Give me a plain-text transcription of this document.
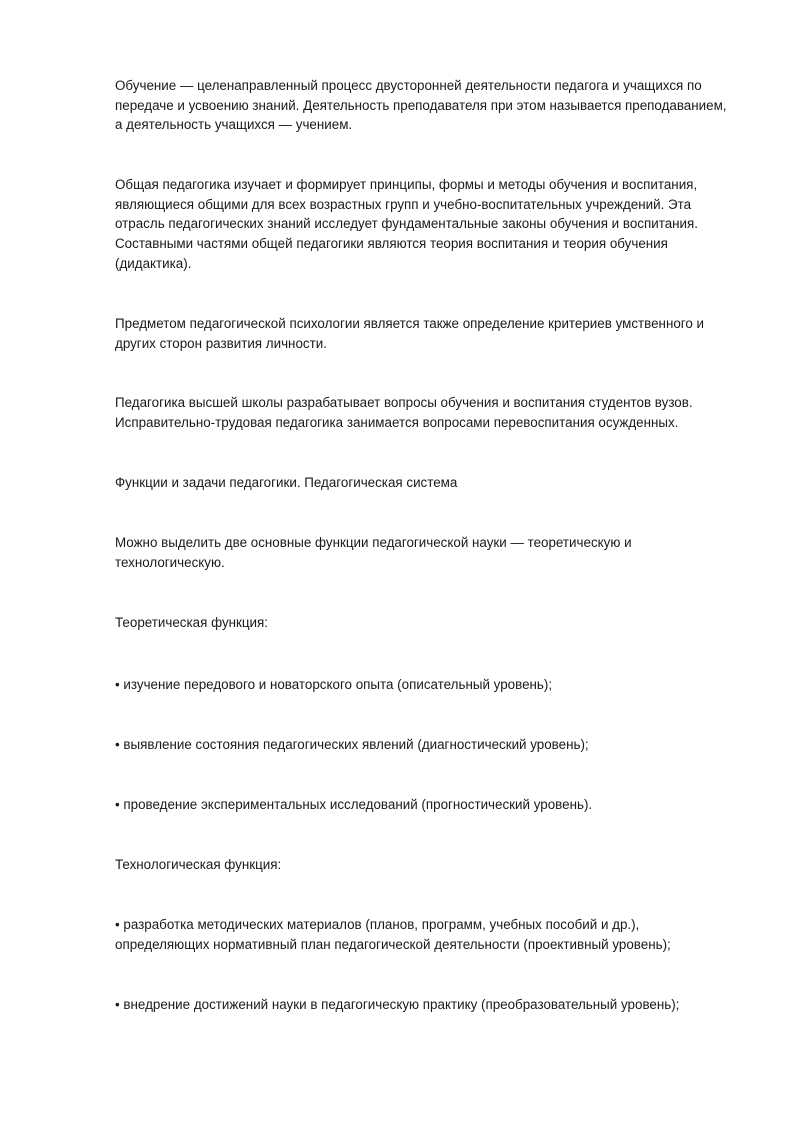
Обучение — целенаправленный процесс двусторонней деятельности педагога и учащихся по
передаче и усвоению знаний. Деятельность преподавателя при этом называется преподаванием,
а деятельность учащихся — учением.

Общая педагогика изучает и формирует принципы, формы и методы обучения и воспитания,
являющиеся общими для всех возрастных групп и учебно-воспитательных учреждений. Эта
отрасль педагогических знаний исследует фундаментальные законы обучения и воспитания.
Составными частями общей педагогики являются теория воспитания и теория обучения
(дидактика).

Предметом педагогической психологии является также определение критериев умственного и
других сторон развития личности.

Педагогика высшей школы разрабатывает вопросы обучения и воспитания студентов вузов.
Исправительно-трудовая педагогика занимается вопросами перевоспитания осужденных.

Функции и задачи педагогики. Педагогическая система

Можно выделить две основные функции педагогической науки — теоретическую и
технологическую.

Теоретическая функция:

• изучение передового и новаторского опыта (описательный уровень);

• выявление состояния педагогических явлений (диагностический уровень);

• проведение экспериментальных исследований (прогностический уровень).

Технологическая функция:

• разработка методических материалов (планов, программ, учебных пособий и др.),
определяющих нормативный план педагогической деятельности (проективный уровень);

• внедрение достижений науки в педагогическую практику (преобразовательный уровень);
